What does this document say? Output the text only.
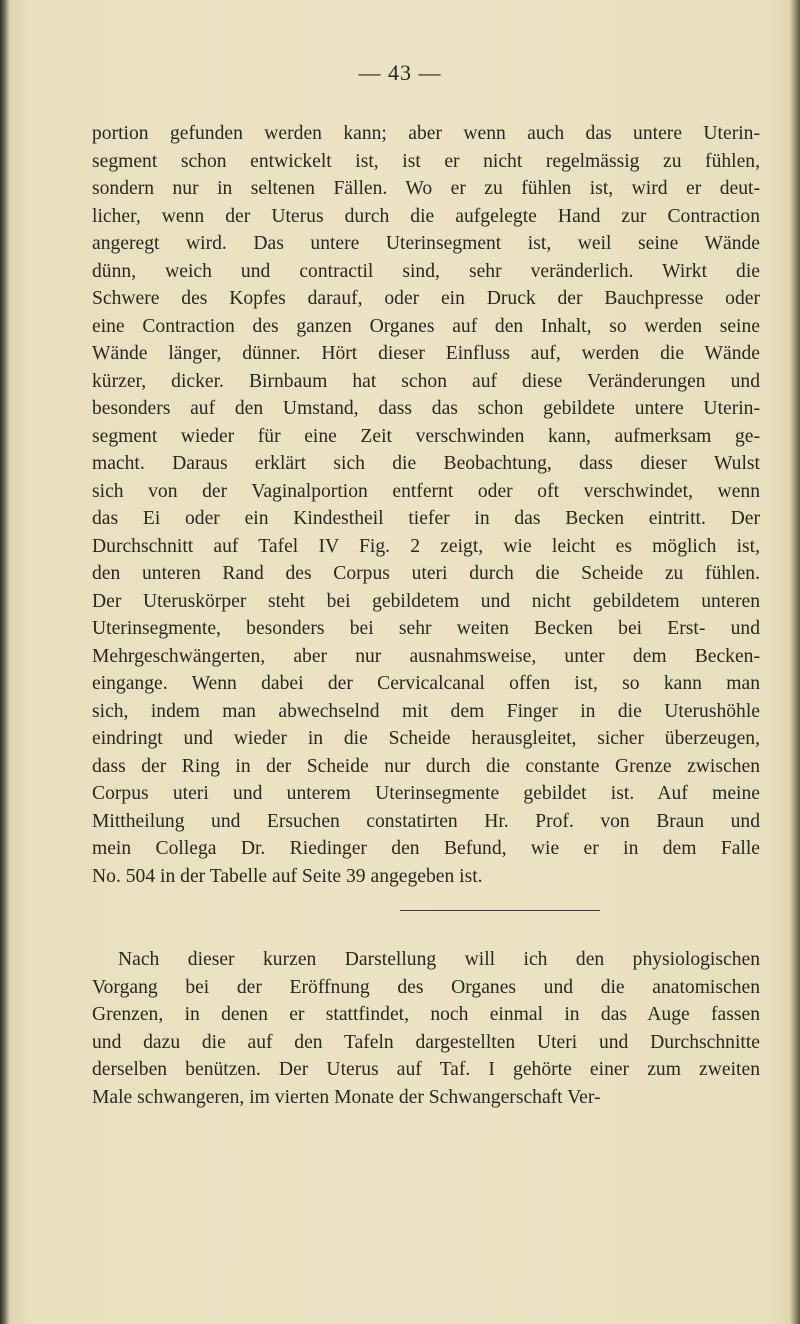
— 43 —
portion gefunden werden kann; aber wenn auch das untere Uterin-
segment schon entwickelt ist, ist er nicht regelmässig zu fühlen,
sondern nur in seltenen Fällen. Wo er zu fühlen ist, wird er deut-
licher, wenn der Uterus durch die aufgelegte Hand zur Contraction
angeregt wird. Das untere Uterinsegment ist, weil seine Wände
dünn, weich und contractil sind, sehr veränderlich. Wirkt die
Schwere des Kopfes darauf, oder ein Druck der Bauchpresse oder
eine Contraction des ganzen Organes auf den Inhalt, so werden seine
Wände länger, dünner. Hört dieser Einfluss auf, werden die Wände
kürzer, dicker. Birnbaum hat schon auf diese Veränderungen und
besonders auf den Umstand, dass das schon gebildete untere Uterin-
segment wieder für eine Zeit verschwinden kann, aufmerksam ge-
macht. Daraus erklärt sich die Beobachtung, dass dieser Wulst
sich von der Vaginalportion entfernt oder oft verschwindet, wenn
das Ei oder ein Kindestheil tiefer in das Becken eintritt. Der
Durchschnitt auf Tafel IV Fig. 2 zeigt, wie leicht es möglich ist,
den unteren Rand des Corpus uteri durch die Scheide zu fühlen.
Der Uteruskörper steht bei gebildetem und nicht gebildetem unteren
Uterinsegmente, besonders bei sehr weiten Becken bei Erst- und
Mehrgeschwängerten, aber nur ausnahmsweise, unter dem Becken-
eingange. Wenn dabei der Cervicalcanal offen ist, so kann man
sich, indem man abwechselnd mit dem Finger in die Uterushöhle
eindringt und wieder in die Scheide herausgleitet, sicher überzeugen,
dass der Ring in der Scheide nur durch die constante Grenze zwischen
Corpus uteri und unterem Uterinsegmente gebildet ist. Auf meine
Mittheilung und Ersuchen constatirten Hr. Prof. von Braun und
mein Collega Dr. Riedinger den Befund, wie er in dem Falle
No. 504 in der Tabelle auf Seite 39 angegeben ist.
Nach dieser kurzen Darstellung will ich den physiologischen
Vorgang bei der Eröffnung des Organes und die anatomischen
Grenzen, in denen er stattfindet, noch einmal in das Auge fassen
und dazu die auf den Tafeln dargestellten Uteri und Durchschnitte
derselben benützen. Der Uterus auf Taf. I gehörte einer zum zweiten
Male schwangeren, im vierten Monate der Schwangerschaft Ver-
